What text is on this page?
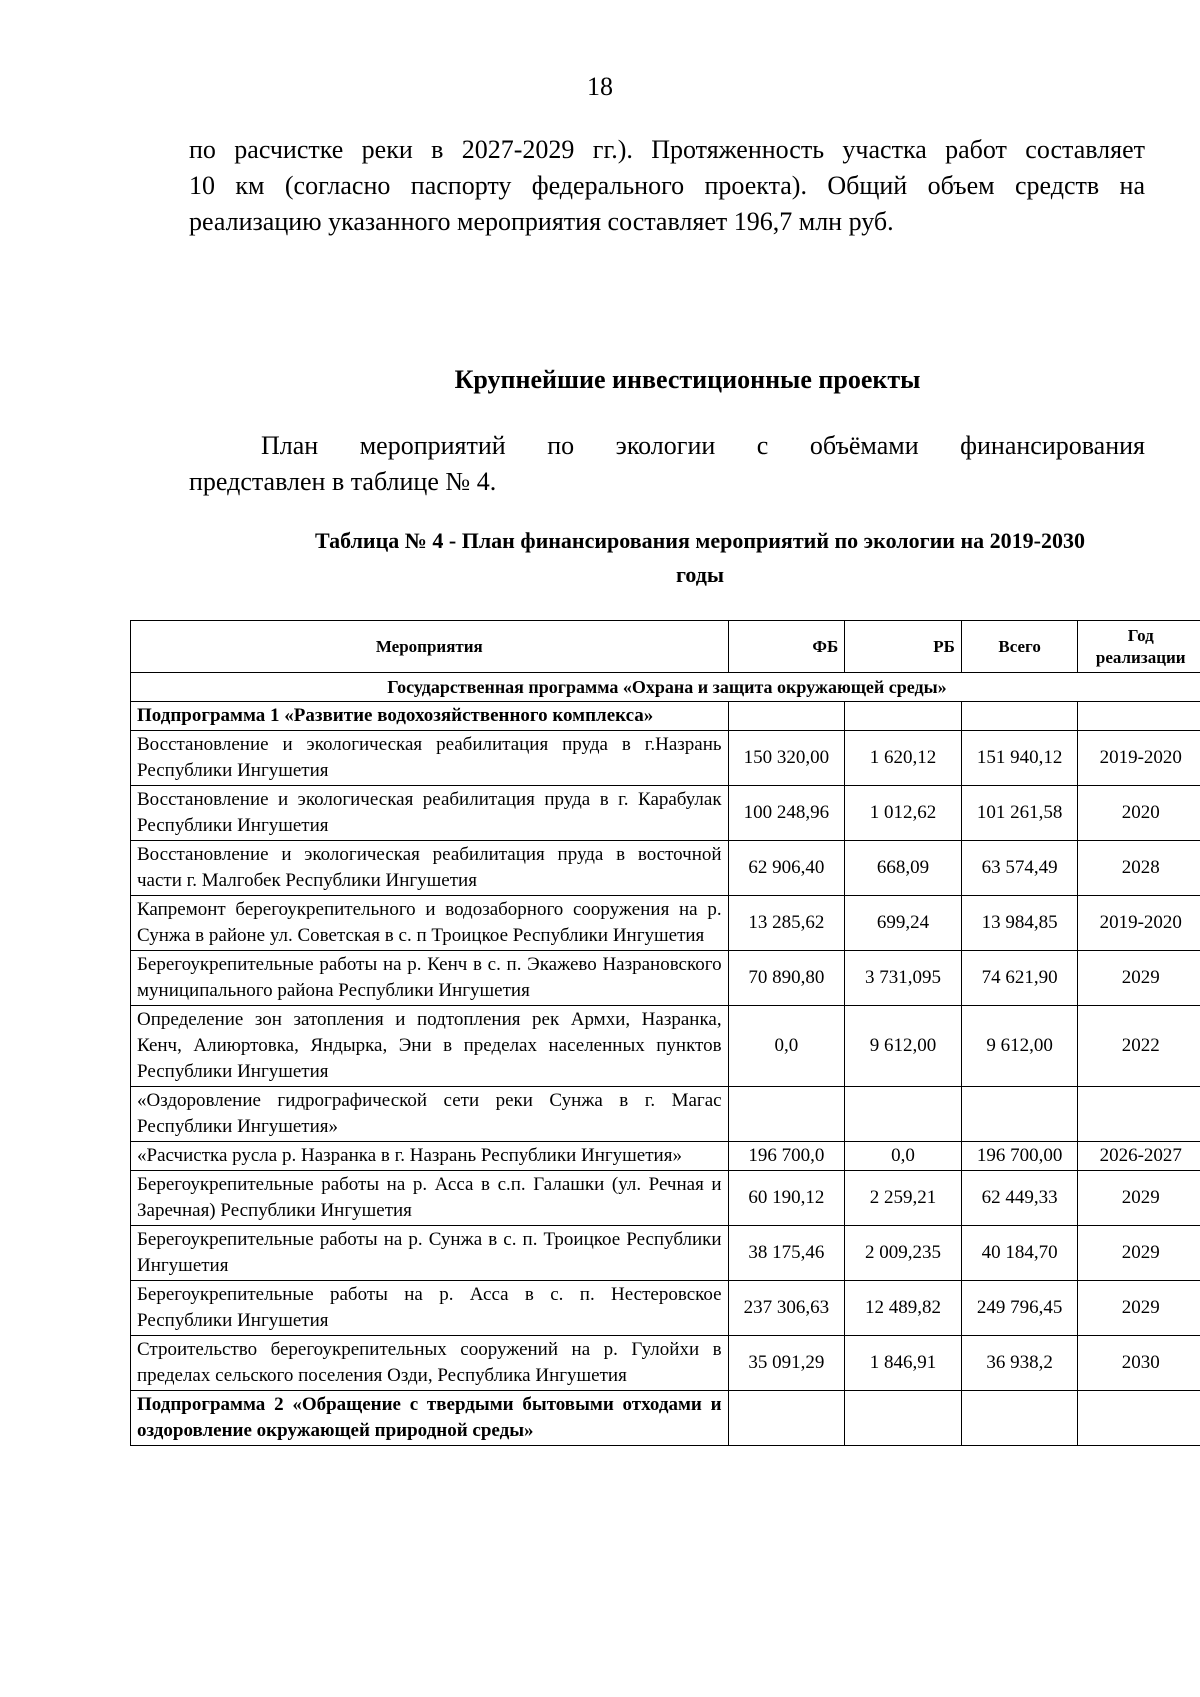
18
по расчистке реки в 2027-2029 гг.). Протяженность участка работ составляет
10 км (согласно паспорту федерального проекта). Общий объем средств на
реализацию указанного мероприятия составляет 196,7 млн руб.
Крупнейшие инвестиционные проекты
План мероприятий по экологии с объёмами финансирования
представлен в таблице № 4.
Таблица № 4 - План финансирования мероприятий по экологии на 2019-2030
годы
Мероприятия	ФБ	РБ	Всего	Год реализации
Государственная программа «Охрана и защита окружающей среды»				
Подпрограмма 1 «Развитие водохозяйственного комплекса»				
Восстановление и экологическая реабилитация пруда в г.Назрань Республики Ингушетия	150 320,00	1 620,12	151 940,12	2019-2020
Восстановление и экологическая реабилитация пруда в г. Карабулак Республики Ингушетия	100 248,96	1 012,62	101 261,58	2020
Восстановление и экологическая реабилитация пруда в восточной части г. Малгобек Республики Ингушетия	62 906,40	668,09	63 574,49	2028
Капремонт берегоукрепительного и водозаборного сооружения на р. Сунжа в районе ул. Советская в с. п Троицкое Республики Ингушетия	13 285,62	699,24	13 984,85	2019-2020
Берегоукрепительные работы на р. Кенч в с. п. Экажево Назрановского муниципального района Республики Ингушетия	70 890,80	3 731,095	74 621,90	2029
Определение зон затопления и подтопления рек Армхи, Назранка, Кенч, Алиюртовка, Яндырка, Эни в пределах населенных пунктов Республики Ингушетия	0,0	9 612,00	9 612,00	2022
«Оздоровление гидрографической сети реки Сунжа в г. Магас Республики Ингушетия»				
«Расчистка русла р. Назранка в г. Назрань Республики Ингушетия»	196 700,0	0,0	196 700,00	2026-2027
Берегоукрепительные работы на р. Асса в с.п. Галашки (ул. Речная и Заречная) Республики Ингушетия	60 190,12	2 259,21	62 449,33	2029
Берегоукрепительные работы на р. Сунжа в с. п. Троицкое Республики Ингушетия	38 175,46	2 009,235	40 184,70	2029
Берегоукрепительные работы на р. Асса в с. п. Нестеровское Республики Ингушетия	237 306,63	12 489,82	249 796,45	2029
Строительство берегоукрепительных сооружений на р. Гулойхи в пределах сельского поселения Озди, Республика Ингушетия	35 091,29	1 846,91	36 938,2	2030
Подпрограмма 2 «Обращение с твердыми бытовыми отходами и оздоровление окружающей природной среды»				
